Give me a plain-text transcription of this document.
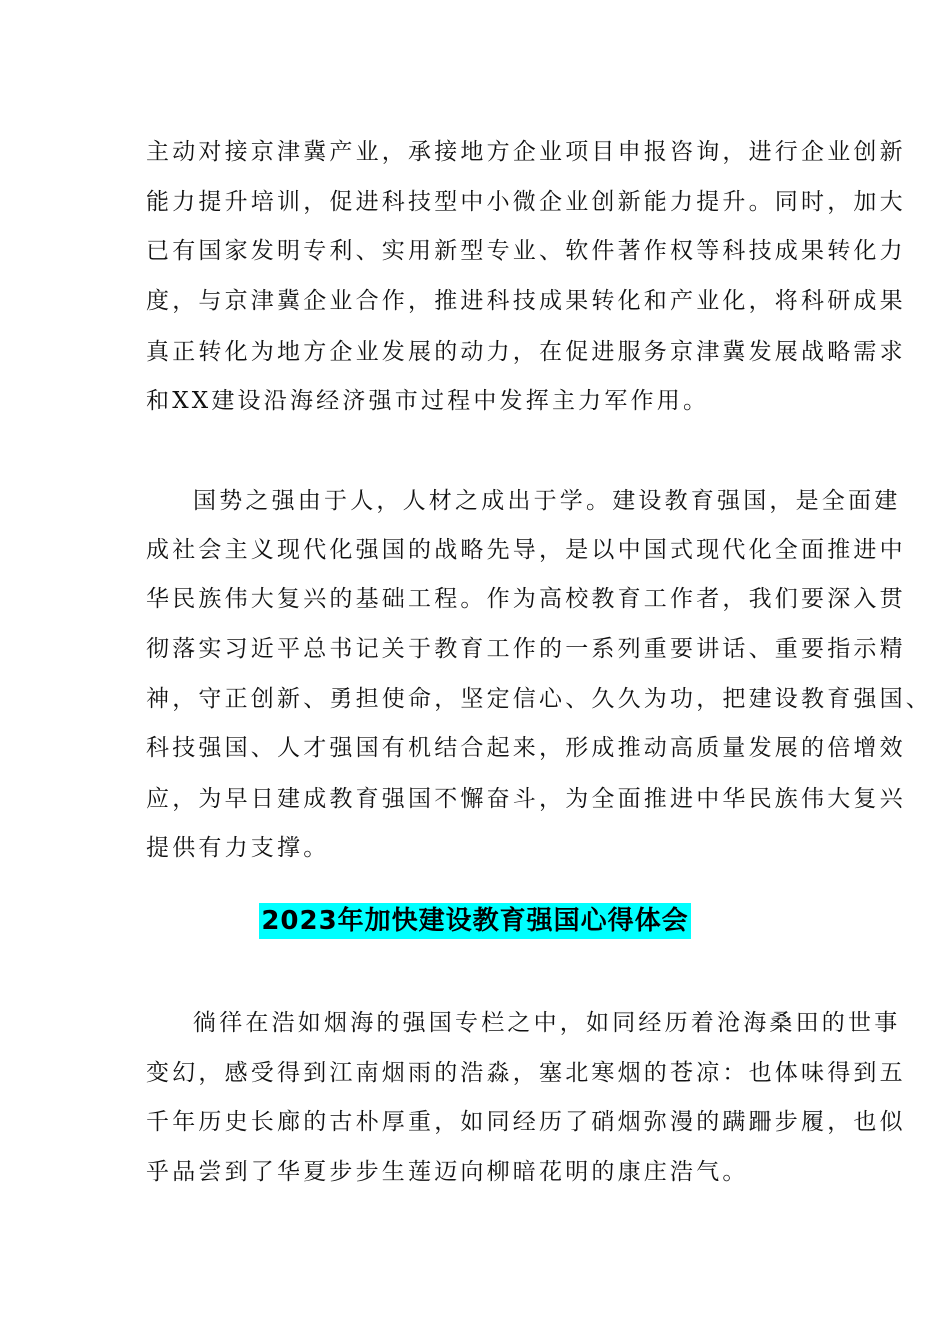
主动对接京津冀产业，承接地方企业项目申报咨询，进行企业创新
能力提升培训，促进科技型中小微企业创新能力提升。同时，加大
已有国家发明专利、实用新型专业、软件著作权等科技成果转化力
度，与京津冀企业合作，推进科技成果转化和产业化，将科研成果
真正转化为地方企业发展的动力，在促进服务京津冀发展战略需求
和XX建设沿海经济强市过程中发挥主力军作用。
国势之强由于人，人材之成出于学。建设教育强国，是全面建
成社会主义现代化强国的战略先导，是以中国式现代化全面推进中
华民族伟大复兴的基础工程。作为高校教育工作者，我们要深入贯
彻落实习近平总书记关于教育工作的一系列重要讲话、重要指示精
神，守正创新、勇担使命，坚定信心、久久为功，把建设教育强国、
科技强国、人才强国有机结合起来，形成推动高质量发展的倍增效
应，为早日建成教育强国不懈奋斗，为全面推进中华民族伟大复兴
提供有力支撑。
2023年加快建设教育强国心得体会
徜徉在浩如烟海的强国专栏之中，如同经历着沧海桑田的世事
变幻，感受得到江南烟雨的浩淼，塞北寒烟的苍凉：也体味得到五
千年历史长廊的古朴厚重，如同经历了硝烟弥漫的蹒跚步履，也似
乎品尝到了华夏步步生莲迈向柳暗花明的康庄浩气。
